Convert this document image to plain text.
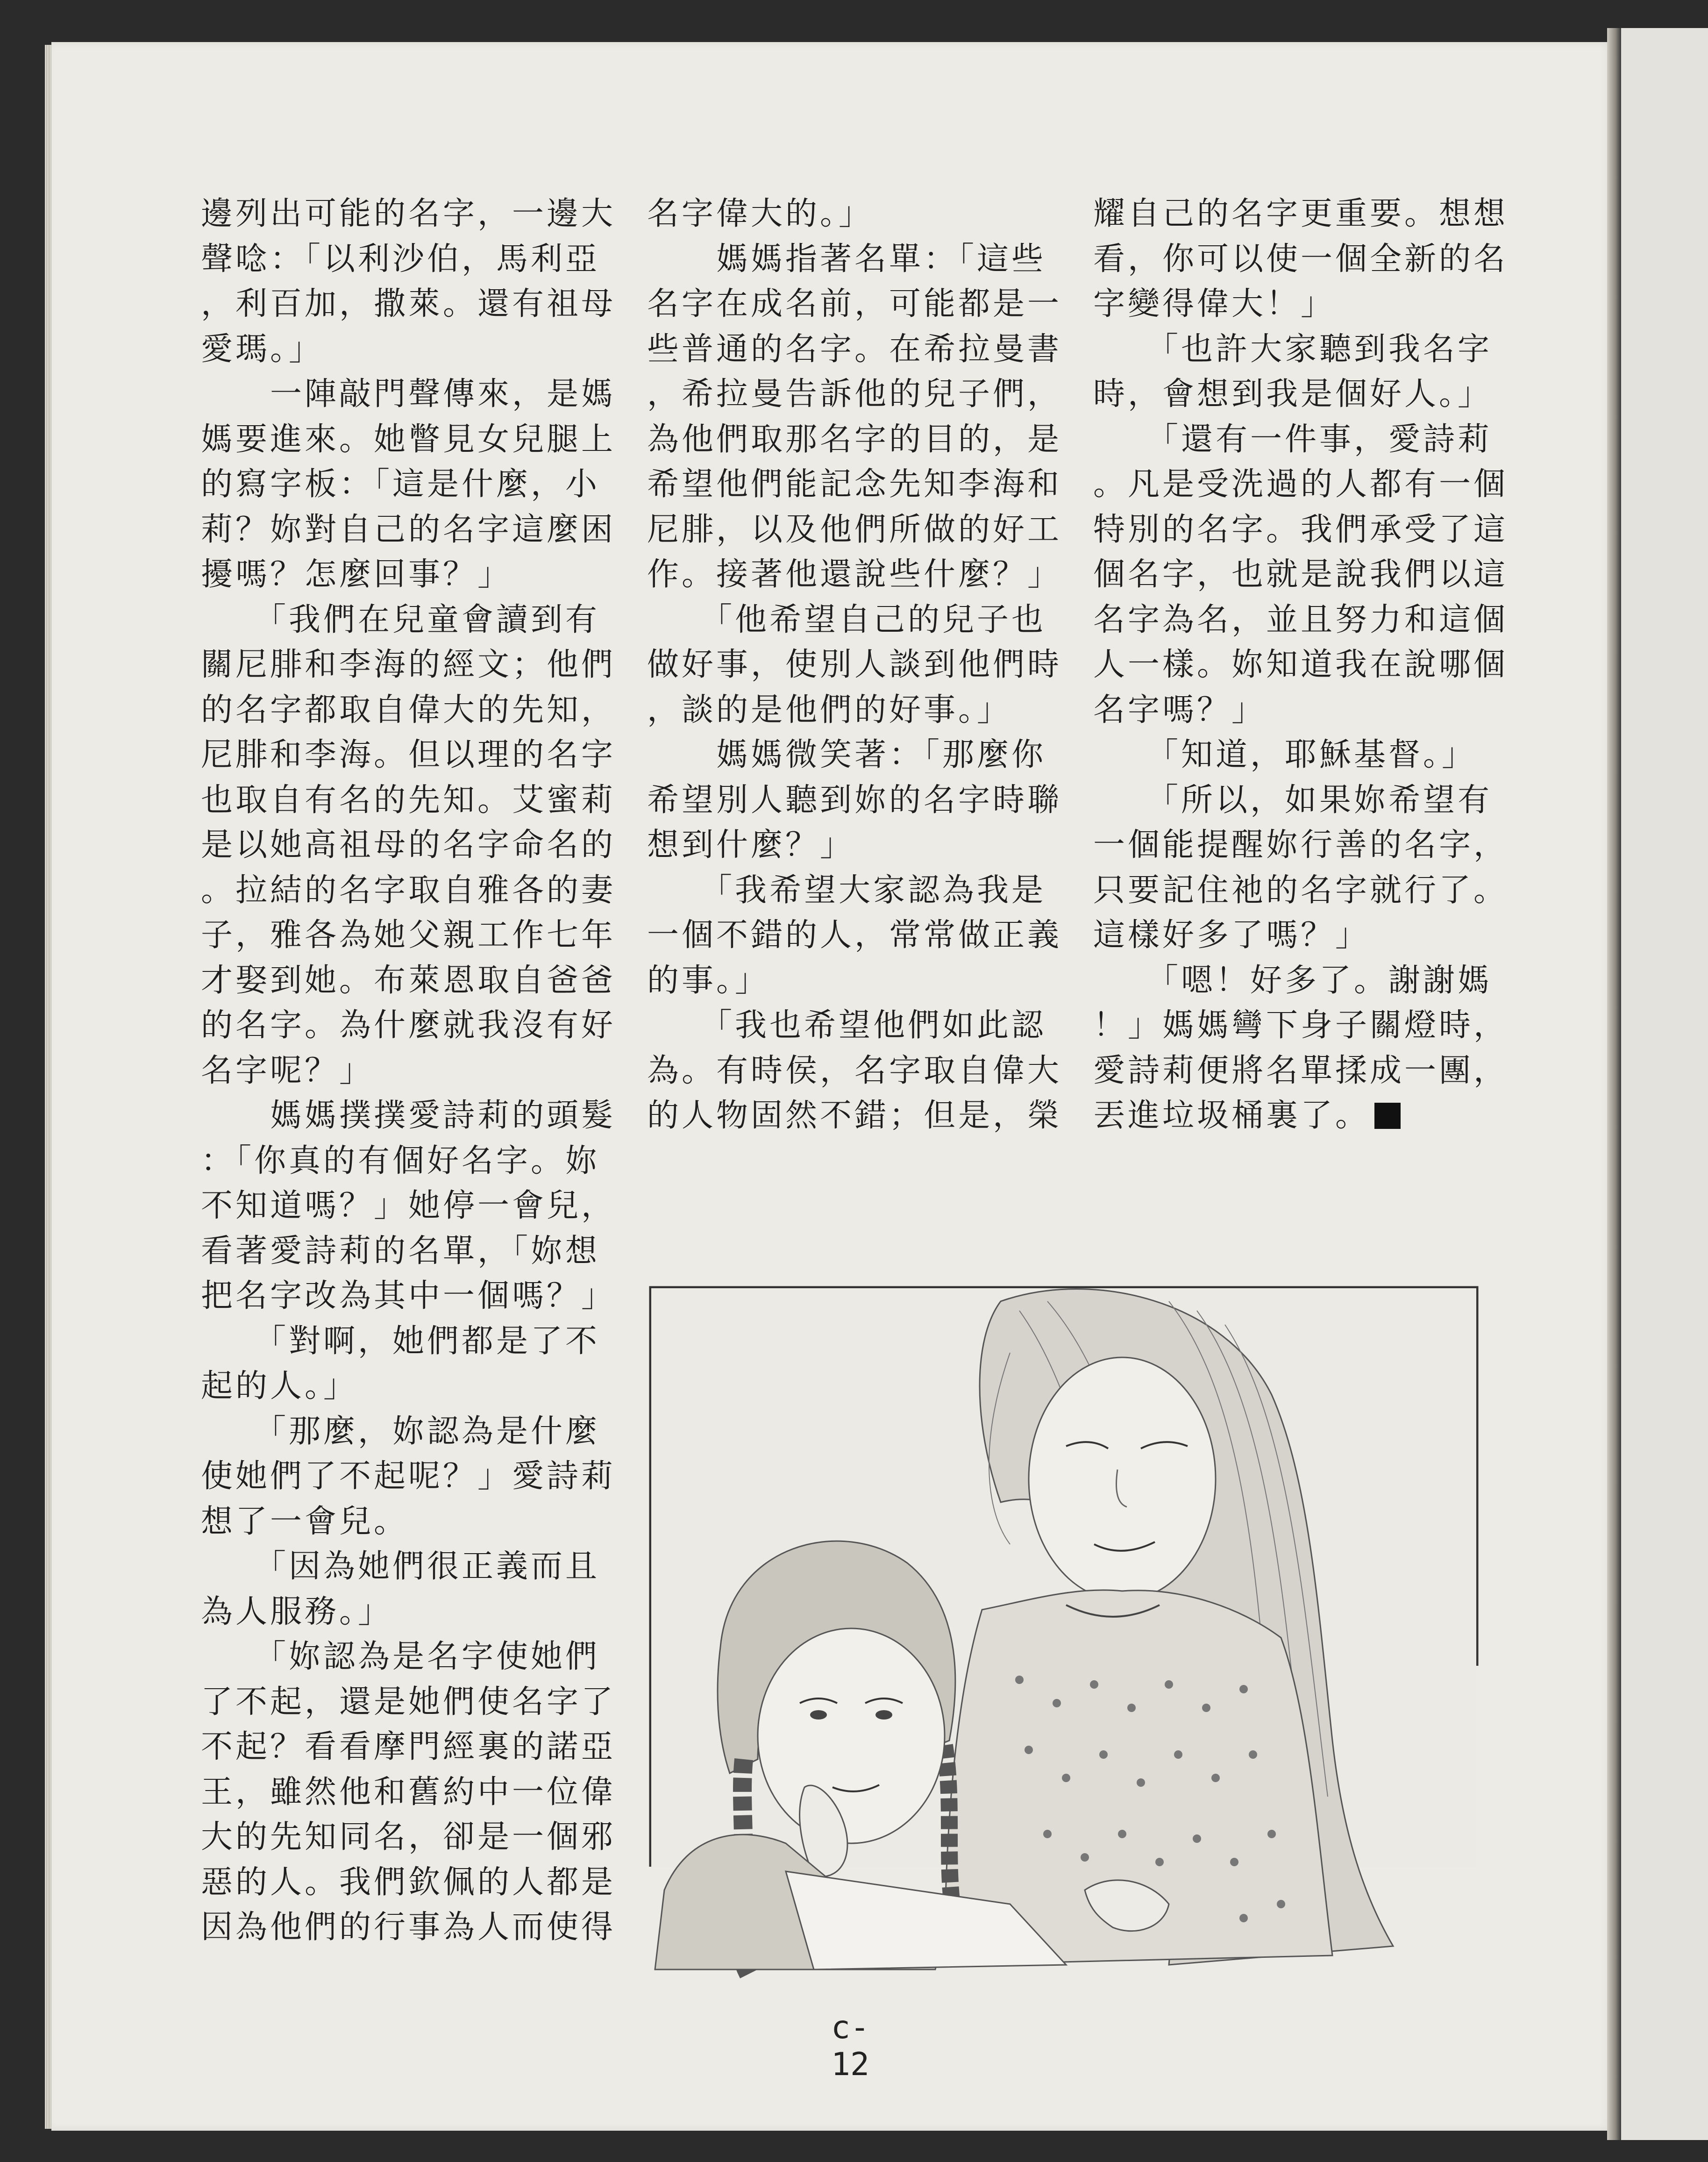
邊列出可能的名字，一邊大
聲唸：「以利沙伯，馬利亞
，利百加，撒萊。還有祖母
愛瑪。」
　　一陣敲門聲傳來，是媽
媽要進來。她瞥見女兒腿上
的寫字板：「這是什麼，小
莉？妳對自己的名字這麼困
擾嗎？怎麼回事？」
　　「我們在兒童會讀到有
關尼腓和李海的經文；他們
的名字都取自偉大的先知，
尼腓和李海。但以理的名字
也取自有名的先知。艾蜜莉
是以她高祖母的名字命名的
。拉結的名字取自雅各的妻
子，雅各為她父親工作七年
才娶到她。布萊恩取自爸爸
的名字。為什麼就我沒有好
名字呢？」
　　媽媽撲撲愛詩莉的頭髮
：「你真的有個好名字。妳
不知道嗎？」她停一會兒，
看著愛詩莉的名單，「妳想
把名字改為其中一個嗎？」
　　「對啊，她們都是了不
起的人。」
　　「那麼，妳認為是什麼
使她們了不起呢？」愛詩莉
想了一會兒。
　　「因為她們很正義而且
為人服務。」
　　「妳認為是名字使她們
了不起，還是她們使名字了
不起？看看摩門經裏的諾亞
王，雖然他和舊約中一位偉
大的先知同名，卻是一個邪
惡的人。我們欽佩的人都是
因為他們的行事為人而使得
名字偉大的。」
　　媽媽指著名單：「這些
名字在成名前，可能都是一
些普通的名字。在希拉曼書
，希拉曼告訴他的兒子們，
為他們取那名字的目的，是
希望他們能記念先知李海和
尼腓，以及他們所做的好工
作。接著他還說些什麼？」
　　「他希望自己的兒子也
做好事，使別人談到他們時
，談的是他們的好事。」
　　媽媽微笑著：「那麼你
希望別人聽到妳的名字時聯
想到什麼？」
　　「我希望大家認為我是
一個不錯的人，常常做正義
的事。」
　　「我也希望他們如此認
為。有時侯，名字取自偉大
的人物固然不錯；但是，榮
耀自己的名字更重要。想想
看，你可以使一個全新的名
字變得偉大！」
　　「也許大家聽到我名字
時，會想到我是個好人。」
　　「還有一件事，愛詩莉
。凡是受洗過的人都有一個
特別的名字。我們承受了這
個名字，也就是說我們以這
名字為名，並且努力和這個
人一樣。妳知道我在說哪個
名字嗎？」
　　「知道，耶穌基督。」
　　「所以，如果妳希望有
一個能提醒妳行善的名字，
只要記住祂的名字就行了。
這樣好多了嗎？」
　　「嗯！好多了。謝謝媽
！」媽媽彎下身子關燈時，
愛詩莉便將名單揉成一團，
丟進垃圾桶裏了。
c-12
